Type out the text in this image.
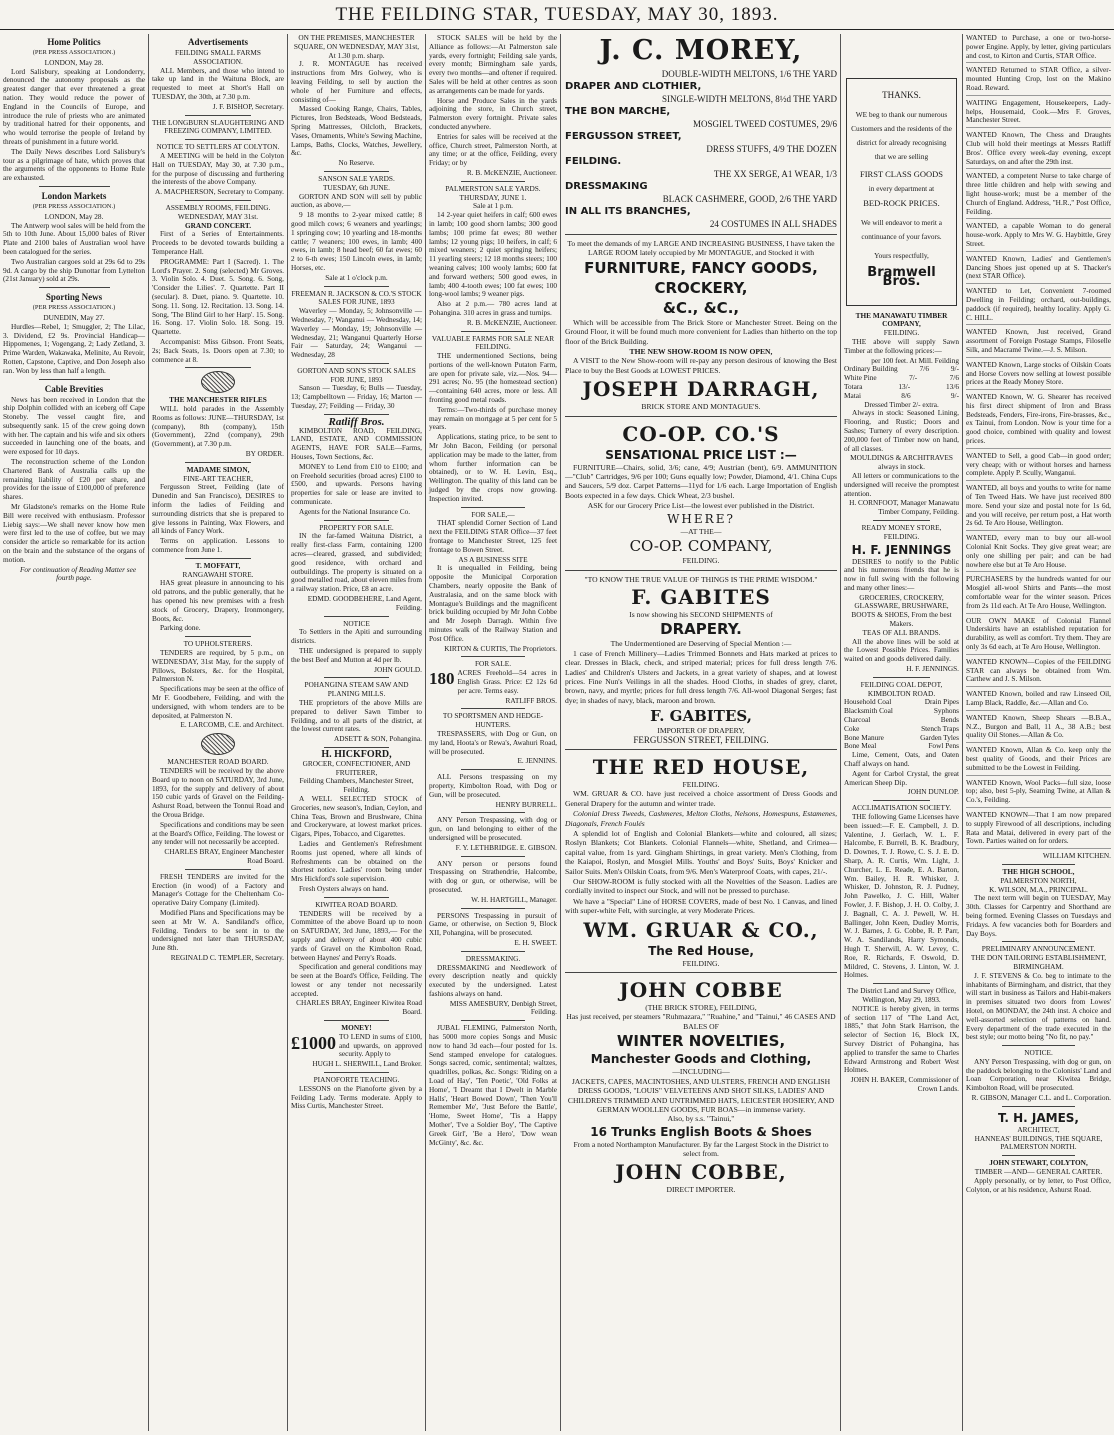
THE FEILDING STAR, TUESDAY, MAY 30, 1893.
Home Politics
(PER PRESS ASSOCIATION.)
LONDON, May 28.

Lord Salisbury, speaking at Londonderry, denounced the autonomy proposals as the greatest danger that ever threatened a great nation. They would reduce the power of England in the Councils of Europe, and introduce the rule of priests who are animated by traditional hatred for their opponents, and who would terrorise the people of Ireland by threats of punishment in a future world.

The Daily News describes Lord Salisbury's tour as a pilgrimage of hate, which proves that the arguments of the opponents to Home Rule are exhausted.

London Markets
(PER PRESS ASSOCIATION.)
LONDON, May 28.

The Antwerp wool sales will be held from the 5th to 10th June. About 15,000 bales of River Plate and 2100 bales of Australian wool have been catalogued for the series.

Two Australian cargoes sold at 29s 6d to 29s 9d. A cargo by the ship Dunottar from Lyttelton (21st January) sold at 29s.

Sporting News
(PER PRESS ASSOCIATION.)
DUNEDIN, May 27.

Hurdles—Rebel, 1; Smuggler, 2; The Lilac, 3. Dividend, £2 9s. Provincial Handicap—Hippomenes, 1; Vogengang, 2; Lady Zetland, 3. Prime Warden, Wakawaka, Melinite, Au Revoir, Rotten, Capstone, Captive, and Don Joseph also ran. Won by less than half a length.

Cable Brevities

News has been received in London that the ship Dolphin collided with an iceberg off Cape Stoneby. The vessel caught fire, and subsequently sank. 15 of the crew going down with her. The captain and his wife and six others succeeded in launching one of the boats, and were exposed for 10 days.

The reconstruction scheme of the London Chartered Bank of Australia calls up the remaining liability of £20 per share, and provides for the issue of £100,000 of preference shares.

Mr Gladstone's remarks on the Home Rule Bill were received with enthusiasm. Professor Liebig says:—We shall never know how men were first led to the use of coffee, but we may consider the article so remarkable for its action on the brain and the substance of the organs of motion.

For continuation of Reading Matter see fourth page.

Advertisements
FEILDING SMALL FARMS ASSOCIATION.

ALL Members, and those who intend to take up land in the Waituna Block, are requested to meet at Short's Hall on TUESDAY, the 30th, at 7.30 p.m.

J. F. BISHOP, Secretary.
THE LONGBURN SLAUGHTERING AND FREEZING COMPANY, LIMITED.
NOTICE TO SETTLERS AT COLYTON.

A MEETING will be held in the Colyton Hall on TUESDAY, May 30, at 7.30 p.m., for the purpose of discussing and furthering the interests of the above Company.

A. MACPHERSON, Secretary to Company.
ASSEMBLY ROOMS, FEILDING. WEDNESDAY, MAY 31st.
GRAND CONCERT.

First of a Series of Entertainments. Proceeds to be devoted towards building a Temperance Hall.

PROGRAMME: Part I (Sacred). 1. The Lord's Prayer. 2. Song (selected) Mr Groves. 3. Violin Solo. 4. Duet. 5. Song. 6. Song, 'Consider the Lilies'. 7. Quartette. Part II (secular). 8. Duet, piano. 9. Quartette. 10. Song. 11. Song. 12. Recitation. 13. Song. 14. Song, 'The Blind Girl to her Harp'. 15. Song. 16. Song. 17. Violin Solo. 18. Song. 19. Quartette.

Accompanist: Miss Gibson. Front Seats, 2s; Back Seats, 1s. Doors open at 7.30; to commence at 8.

THE MANCHESTER RIFLES

WILL hold parades in the Assembly Rooms as follows: JUNE—THURSDAY, 1st (company), 8th (company), 15th (Government), 22nd (company), 29th (Government), at 7.30 p.m.

BY ORDER.
MADAME SIMON,
FINE-ART TEACHER,

Fergusson Street, Feilding (late of Dunedin and San Francisco), DESIRES to inform the ladies of Feilding and surrounding districts that she is prepared to give lessons in Painting, Wax Flowers, and all kinds of Fancy Work.

Terms on application. Lessons to commence from June 1.

T. MOFFATT,
RANGAWAHI STORE.

HAS great pleasure in announcing to his old patrons, and the public generally, that he has opened his new premises with a fresh stock of Grocery, Drapery, Ironmongery, Boots, &c.

Parking done.

TO UPHOLSTERERS.

TENDERS are required, by 5 p.m., on WEDNESDAY, 31st May, for the supply of Pillows, Bolsters, &c. for the Hospital, Palmerston N.

Specifications may be seen at the office of Mr F. Goodbehere, Feilding, and with the undersigned, with whom tenders are to be deposited, at Palmerston N.

E. LARCOMB, C.E. and Architect.
MANCHESTER ROAD BOARD.

TENDERS will be received by the above Board up to noon on SATURDAY, 3rd June, 1893, for the supply and delivery of about 150 cubic yards of Gravel on the Feilding-Ashurst Road, between the Tonnui Road and the Oroua Bridge.

Specifications and conditions may be seen at the Board's Office, Feilding. The lowest or any tender will not necessarily be accepted.

CHARLES BRAY, Engineer Manchester Road Board.

FRESH TENDERS are invited for the Erection (in wood) of a Factory and Manager's Cottage for the Cheltenham Co-operative Dairy Company (Limited).

Modified Plans and Specifications may be seen at Mr W. A. Sandiland's office, Feilding. Tenders to be sent in to the undersigned not later than THURSDAY, June 8th.

REGINALD C. TEMPLER, Secretary.
ON THE PREMISES, MANCHESTER SQUARE, ON WEDNESDAY, MAY 31st, At 1.30 p.m. sharp.

J. R. MONTAGUE has received instructions from Mrs Golwey, who is leaving Feilding, to sell by auction the whole of her Furniture and effects, consisting of—

Massed Cooking Range, Chairs, Tables, Pictures, Iron Bedsteads, Wood Bedsteads, Spring Mattresses, Oilcloth, Brackets, Vases, Ornaments, White's Sewing Machine, Lamps, Baths, Clocks, Watches, Jewellery, &c.

No Reserve.
SANSON SALE YARDS.
TUESDAY, 6th JUNE.

GORTON AND SON will sell by public auction, as above,—

9 18 months to 2-year mixed cattle; 8 good milch cows; 6 weaners and yearlings; 1 springing cow; 10 yearling and 18-months cattle; 7 weaners; 100 ewes, in lamb; 400 ewes, in lamb; 8 head beef; 60 fat ewes; 60 2 to 6-th ewes; 150 Lincoln ewes, in lamb; Horses, etc.

Sale at 1 o'clock p.m.
FREEMAN R. JACKSON & CO.'S STOCK SALES FOR JUNE, 1893

Waverley — Monday, 5; Johnsonville — Wednesday, 7; Wanganui — Wednesday, 14; Waverley — Monday, 19; Johnsonville — Wednesday, 21; Wanganui Quarterly Horse Fair — Saturday, 24; Wanganui — Wednesday, 28

GORTON AND SON'S STOCK SALES FOR JUNE, 1893

Sanson — Tuesday, 6; Bulls — Tuesday, 13; Campbelltown — Friday, 16; Marton — Tuesday, 27; Feilding — Friday, 30

Ratliff Bros.

KIMBOLTON ROAD, FEILDING, LAND, ESTATE, AND COMMISSION AGENTS, HAVE FOR SALE—Farms, Houses, Town Sections, &c.

MONEY to Lend from £10 to £100; and on Freehold securities (broad acres) £100 to £500, and upwards. Persons having properties for sale or lease are invited to communicate.

Agents for the National Insurance Co.

PROPERTY FOR SALE.

IN the far-famed Waituna District, a really first-class Farm, containing 1200 acres—cleared, grassed, and subdivided; good residence, with orchard and outbuildings. The property is situated on a good metalled road, about eleven miles from a railway station. Price, £8 an acre.

EDMD. GOODBEHERE, Land Agent, Feilding.
NOTICE

To Settlers in the Apiti and surrounding districts.

THE undersigned is prepared to supply the best Beef and Mutton at 4d per lb.

JOHN GOULD.
POHANGINA STEAM SAW AND PLANING MILLS.

THE proprietors of the above Mills are prepared to deliver Sawn Timber to Feilding, and to all parts of the district, at the lowest current rates.

ADSETT & SON, Pohangina.
H. HICKFORD,
GROCER, CONFECTIONER, AND FRUITERER,
Feilding Chambers, Manchester Street, Feilding.

A WELL SELECTED STOCK of Groceries, new season's, Indian, Ceylon, and China Teas, Brown and Brushware, China and Crockeryware, at lowest market prices. Cigars, Pipes, Tobacco, and Cigarettes.

Ladies and Gentlemen's Refreshment Rooms just opened, where all kinds of Refreshments can be obtained on the shortest notice. Ladies' room being under Mrs Hickford's sole supervision.

Fresh Oysters always on hand.

KIWITEA ROAD BOARD.

TENDERS will be received by a Committee of the above Board up to noon on SATURDAY, 3rd June, 1893,— For the supply and delivery of about 400 cubic yards of Gravel on the Kimbolton Road, between Haynes' and Perry's Roads.

Specification and general conditions may be seen at the Board's Office, Feilding. The lowest or any tender not necessarily accepted.

CHARLES BRAY, Engineer Kiwitea Road Board.
MONEY!
£1000 TO LEND in sums of £100, and upwards, on approved security. Apply to

HUGH L. SHERWILL, Land Broker.
PIANOFORTE TEACHING.

LESSONS on the Pianoforte given by a Feilding Lady. Terms moderate. Apply to Miss Curtis, Manchester Street.

STOCK SALES will be held by the Alliance as follows:—At Palmerston sale yards, every fortnight; Feilding sale yards, every month; Birmingham sale yards, every two months—and oftener if required. Sales will be held at other centres as soon as arrangements can be made for yards.

Horse and Produce Sales in the yards adjoining the store, in Church street, Palmerston every fortnight. Private sales conducted anywhere.

Entries for sales will be received at the office, Church street, Palmerston North, at any time; or at the office, Feilding, every Friday; or by

R. B. McKENZIE, Auctioneer.
PALMERSTON SALE YARDS.
THURSDAY, JUNE 1.
Sale at 1 p.m.

14 2-year quiet heifers in calf; 600 ewes in lamb; 100 good shorn lambs; 300 good lambs; 100 prime fat ewes; 80 wether lambs; 12 young pigs; 10 heifers, in calf; 6 mixed weaners; 2 quiet springing heifers; 11 yearling steers; 12 18 months steers; 100 weaning calves; 100 wooly lambs; 600 fat and forward wethers; 500 good ewes, in lamb; 400 4-tooth ewes; 100 fat ewes; 100 long-wool lambs; 9 weaner pigs.

Also at 2 p.m.— 780 acres land at Pohangina. 310 acres in grass and turnips.

R. B. McKENZIE, Auctioneer.
VALUABLE FARMS FOR SALE NEAR FEILDING.

THE undermentioned Sections, being portions of the well-known Putaton Farm, are open for private sale, viz.—Nos. 94—291 acres; No. 95 (the homestead section)—containing 640 acres, more or less. All fronting good metal roads.

Terms:—Two-thirds of purchase money may remain on mortgage at 5 per cent for 5 years.

Applications, stating price, to be sent to Mr John Bacon, Feilding (or personal application may be made to the latter, from whom further information can be obtained), or to W. H. Levin, Esq., Wellington. The quality of this land can be judged by the crops now growing. Inspection invited.

FOR SALE,—

THAT splendid Corner Section of Land next the FEILDING STAR Office—37 feet frontage to Manchester Street, 125 feet frontage to Bowen Street.

AS A BUSINESS SITE

It is unequalled in Feilding, being opposite the Municipal Corporation Chambers, nearly opposite the Bank of Australasia, and on the same block with Montague's Buildings and the magnificent brick building occupied by Mr John Cobbe and Mr Joseph Darragh. Within five minutes walk of the Railway Station and Post Office.

KIRTON & CURTIS, The Proprietors.
FOR SALE.
180 ACRES Freehold—54 acres in English Grass. Price: £2 12s 6d per acre. Terms easy.

RATLIFF BROS.
TO SPORTSMEN AND HEDGE-HUNTERS.

TRESPASSERS, with Dog or Gun, on my land, Hoota's or Rewa's, Awahuri Road, will be prosecuted.

E. JENNINS.

ALL Persons trespassing on my property, Kimbolton Road, with Dog or Gun, will be prosecuted.

HENRY BURRELL.

ANY Person Trespassing, with dog or gun, on land belonging to either of the undersigned will be prosecuted.

F. Y. LETHBRIDGE. E. GIBSON.

ANY person or persons found Trespassing on Strathendrie, Halcombe, with dog or gun, or otherwise, will be prosecuted.

W. H. HARTGILL, Manager.

PERSONS Trespassing in pursuit of Game, or otherwise, on Section 9, Block XII, Pohangina, will be prosecuted.

E. H. SWEET.
DRESSMAKING.

DRESSMAKING and Needlework of every description neatly and quickly executed by the undersigned. Latest fashions always on hand.

MISS AMESBURY, Denbigh Street, Feilding.

JUBAL FLEMING, Palmerston North, has 5000 more copies Songs and Music now to hand 3d each—four posted for 1s. Send stamped envelope for catalogues. Songs sacred, comic, sentimental; waltzes, quadrilles, polkas, &c. Songs: 'Riding on a Load of Hay', 'Ten Poetic', 'Old Folks at Home', 'I Dreamt that I Dwelt in Marble Halls', 'Heart Bowed Down', 'Then You'll Remember Me', 'Just Before the Battle', 'Home, Sweet Home', 'Tis a Happy Mother', 'I've a Soldier Boy', 'The Captive Greek Girl', 'Be a Hero', 'Dow wean McGinty', &c. &c.

J. C. MOREY,
DOUBLE-WIDTH MELTONS, 1/6 THE YARD
DRAPER AND CLOTHIER,
SINGLE-WIDTH MELTONS, 8½d THE YARD
THE BON MARCHE,
MOSGIEL TWEED COSTUMES, 29/6
FERGUSSON STREET,
DRESS STUFFS, 4/9 THE DOZEN
FEILDING.
THE XX SERGE, A1 WEAR, 1/3
DRESSMAKING
BLACK CASHMERE, GOOD, 2/6 THE YARD
IN ALL ITS BRANCHES,
24 COSTUMES IN ALL SHADES
To meet the demands of my LARGE AND INCREASING BUSINESS, I have taken the LARGE ROOM lately occupied by Mr MONTAGUE, and Stocked it with
FURNITURE, FANCY GOODS,
CROCKERY,
&C., &C.,

Which will be accessible from The Brick Store or Manchester Street. Being on the Ground Floor, it will be found much more convenient for Ladies than hitherto on the top floor of the Brick Building.

THE NEW SHOW-ROOM IS NOW OPEN,

A VISIT to the New Show-room will re-pay any person desirous of knowing the Best Place to buy the Best Goods at LOWEST PRICES.

JOSEPH DARRAGH,
BRICK STORE AND MONTAGUE'S.
CO-OP. CO.'S
SENSATIONAL PRICE LIST :—

FURNITURE—Chairs, solid, 3/6; cane, 4/9; Austrian (bent), 6/9. AMMUNITION—"Club" Cartridges, 9/6 per 100; Guns equally low; Powder, Diamond, 4/1. China Cups and Saucers, 5/9 doz. Carpet Patterns—11yd for 1/6 each. Large Importation of English Boots expected in a few days. Chick Wheat, 2/3 bushel.

ASK for our Grocery Price List—the lowest ever published in the District.
WHERE?
—AT THE—
CO-OP. COMPANY,
FEILDING.
"TO KNOW THE TRUE VALUE OF THINGS IS THE PRIME WISDOM."
F. GABITES
Is now showing his SECOND SHIPMENTS of
DRAPERY.
The Undermentioned are Deserving of Special Mention :—

1 case of French Millinery—Ladies Trimmed Bonnets and Hats marked at prices to clear. Dresses in Black, check, and striped material; prices for full dress length 7/6. Ladies' and Children's Ulsters and Jackets, in a great variety of shapes, and at lowest prices. Fine Nun's Veilings in all the shades. Hood Cloths, in shades of grey, claret, brown, navy, and myrtle; prices for full dress length 7/6. All-wool Diagonal Serges; fast dye; in shades of navy, black, maroon and brown.

F. GABITES,
IMPORTER OF DRAPERY,
FERGUSSON STREET, FEILDING.
THE RED HOUSE,
FEILDING.

WM. GRUAR & CO. have just received a choice assortment of Dress Goods and General Drapery for the autumn and winter trade.

Colonial Dress Tweeds, Cashmeres, Melton Cloths, Nelsons, Homespuns, Estamenes, Diagonals, French Foulés

A splendid lot of English and Colonial Blankets—white and coloured, all sizes; Roslyn Blankets; Cot Blankets. Colonial Flannels—white, Shetland, and Crimea—capital value, from 1s yard. Gingham Shirtings, in great variety. Men's Clothing, from the Kaiapoi, Roslyn, and Mosgiel Mills. Youths' and Boys' Suits, Boys' Knicker and Sailor Suits. Men's Oilskin Coats, from 9/6. Men's Waterproof Coats, with capes, 21/-.

Our SHOW-ROOM is fully stocked with all the Novelties of the Season. Ladies are cordially invited to inspect our Stock, and will not be pressed to purchase.

We have a "Special" Line of HORSE COVERS, made of best No. 1 Canvas, and lined with super-white Felt, with surcingle, at very Moderate Prices.

WM. GRUAR & CO.,
The Red House,
FEILDING.
JOHN COBBE
(THE BRICK STORE), FEILDING,
Has just received, per steamers "Ruhmazara," "Ruahine," and "Tainui," 46 CASES AND BALES OF
WINTER NOVELTIES,
Manchester Goods and Clothing,
—INCLUDING—
JACKETS, CAPES, MACINTOSHES, AND ULSTERS, FRENCH AND ENGLISH DRESS GOODS, "LOUIS" VELVETEENS AND SHOT SILKS, LADIES' AND CHILDREN'S TRIMMED AND UNTRIMMED HATS, LEICESTER HOSIERY, AND GERMAN WOOLLEN GOODS, FUR BOAS—in immense variety.
Also, by s.s. "Tainui,"
16 Trunks English Boots & Shoes
From a noted Northampton Manufacturer. By far the Largest Stock in the District to select from.
JOHN COBBE,
DIRECT IMPORTER.
THANKS.

WE beg to thank our numerous Customers and the residents of the district for already recognising that we are selling

FIRST CLASS GOODS
in every department at
BED-ROCK PRICES.

We will endeavor to merit a continuance of your favors.

Yours respectfully,
Bramwell Bros.
THE MANAWATU TIMBER COMPANY,
FEILDING.

THE above will supply Sawn Timber at the following prices:—

per 100 feet. At Mill. Feilding
Ordinary Building	7/6	9/-
White Pine	7/-	7/6
Totara	13/-	13/6
Matai	8/6	9/-
Dressed Timber 2/- extra.

Always in stock: Seasoned Lining, Flooring, and Rustic; Doors and Sashes; Turnery of every description. 200,000 feet of Timber now on hand, of all classes.

MOULDINGS & ARCHITRAVES always in stock.

All letters or communications to the undersigned will receive the promptest attention.

H. CORNFOOT, Manager Manawatu Timber Company, Feilding.
READY MONEY STORE, FEILDING.
H. F. JENNINGS

DESIRES to notify to the Public and his numerous friends that he is now in full swing with the following and many other lines:—

GROCERIES, CROCKERY, GLASSWARE, BRUSHWARE, BOOTS & SHOES, From the best Makers.
TEAS OF ALL BRANDS.

All the above lines will be sold at the Lowest Possible Prices. Families waited on and goods delivered daily.

H. F. JENNINGS.
FEILDING COAL DEPOT,
KIMBOLTON ROAD.
Household Coal	Drain Pipes
Blacksmith Coal	Syphons
Charcoal	Bends
Coke	Stench Traps
Bone Manure	Garden Tyles
Bone Meal	Fowl Pens

Lime, Cement, Oats, and Oaten Chaff always on hand.

Agent for Carbol Crystal, the great American Sheep Dip.

JOHN DUNLOP.
ACCLIMATISATION SOCIETY.

THE following Game Licenses have been issued:—F. E. Campbell, J. D. Valentine, J. Gerlach, W. L. F. Halcombe, F. Burrell, B. K. Bradbury, D. Downes, T. J. Rowe, C. S. J. E. D. Sharp, A. R. Curtis, Wm. Light, J. Churcher, L. E. Reade, E. A. Barton, Wm. Bailey, H. R. Whisker, J. Whisker, D. Johnston, R. J. Pudney, John Pawelko, J. C. Hill, Walter Fowler, J. F. Bishop, J. H. O. Colby, J. J. Bagnall, C. A. J. Pewell, W. H. Ballinger, John Keen, Dudley Morris, W. J. Barnes, J. G. Cobbe, R. P. Parr, W. A. Sandilands, Harry Symonds, Hugh T. Sherwill, A. W. Levey, C. Roe, R. Richards, F. Oswold, D. Mildred, C. Stevens, J. Linton, W. J. Holmes.

The District Land and Survey Office, Wellington, May 29, 1893.

NOTICE is hereby given, in terms of section 117 of "The Land Act, 1885," that John Stark Harrison, the selector of Section 16, Block IX, Survey District of Pohangina, has applied to transfer the same to Charles Edward Armstrong and Robert West Holmes.

JOHN H. BAKER, Commissioner of Crown Lands.

WANTED to Purchase, a one or two-horse-power Engine. Apply, by letter, giving particulars and cost, to Kirton and Curtis, STAR Office.

WANTED Returned to STAR Office, a silver-mounted Hunting Crop, lost on the Makino Road. Reward.

WAITING Engagement, Housekeepers, Lady-helps, Housemaid, Cook.—Mrs F. Groves, Manchester Street.

WANTED Known, The Chess and Draughts Club will hold their meetings at Messrs Ratliff Bros'. Office every week-day evening, except Saturdays, on and after the 29th inst.

WANTED, a competent Nurse to take charge of three little children and help with sewing and light house-work; must be a member of the Church of England. Address, "H.R.," Post Office, Feilding.

WANTED, a capable Woman to do general house-work. Apply to Mrs W. G. Haybittle, Grey Street.

WANTED Known, Ladies' and Gentlemen's Dancing Shoes just opened up at S. Thacker's (next STAR Office).

WANTED to Let, Convenient 7-roomed Dwelling in Feilding; orchard, out-buildings, paddock (if required), healthy locality. Apply G. C. HILL.

WANTED Known, Just received, Grand assortment of Foreign Postage Stamps, Filoselle Silk, and Macramé Twine.—J. S. Milson.

WANTED Known, Large stocks of Oilskin Coats and Horse Covers now selling at lowest possible prices at the Ready Money Store.

WANTED Known, W. G. Shearer has received his first direct shipment of Iron and Brass Bedsteads, Fenders, Fire-irons, Fire-brasses, &c., ex Tainui, from London. Now is your time for a good choice, combined with quality and lowest prices.

WANTED to Sell, a good Cab—in good order; very cheap; with or without horses and harness complete. Apply P. Scully, Wanganui.

WANTED, all boys and youths to write for name of Ten Tweed Hats. We have just received 800 more. Send your size and postal note for 1s 6d, and you will receive, per return post, a Hat worth 2s 6d. Te Aro House, Wellington.

WANTED, every man to buy our all-wool Colonial Knit Socks. They give great wear; are only one shilling per pair; and can be had nowhere else but at Te Aro House.

PURCHASERS by the hundreds wanted for our Mosgiel all-wool Shirts and Pants—the most comfortable wear for the winter season. Prices from 2s 11d each. At Te Aro House, Wellington.

OUR OWN MAKE of Colonial Flannel Underskirts have an established reputation for durability, as well as comfort. Try them. They are only 3s 6d each, at Te Aro House, Wellington.

WANTED KNOWN—Copies of the FEILDING STAR can always be obtained from Wm. Carthew and J. S. Milson.

WANTED Known, boiled and raw Linseed Oil, Lamp Black, Raddle, &c.—Allan and Co.

WANTED Known, Sheep Shears —B.B.A., N.Z., Burgon and Ball, 11 A., 38 A.B.; best quality Oil Stones.—Allan & Co.

WANTED Known, Allan & Co. keep only the best quality of Goods, and their Prices are submitted to be the Lowest in Feilding.

WANTED Known, Wool Packs—full size, loose top; also, best 5-ply, Seaming Twine, at Allan & Co.'s, Feilding.

WANTED KNOWN—That I am now prepared to supply Firewood of all descriptions, including Rata and Matai, delivered in every part of the Town. Parties waited on for orders.

WILLIAM KITCHEN.
THE HIGH SCHOOL,
PALMERSTON NORTH,
K. WILSON, M.A., PRINCIPAL.

The next term will begin on TUESDAY, May 30th. Classes for Carpentry and Shorthand are being formed. Evening Classes on Tuesdays and Fridays. A few vacancies both for Boarders and Day Boys.

PRELIMINARY ANNOUNCEMENT.
THE DON TAILORING ESTABLISHMENT, BIRMINGHAM.

J. F. STEVENS & Co. beg to intimate to the inhabitants of Birmingham, and district, that they will start in business as Tailors and Habit-makers in premises situated two doors from Lowes' Hotel, on MONDAY, the 24th inst. A choice and well-assorted selection of patterns on hand. Every department of the trade executed in the best style; our motto being "No fit, no pay."

NOTICE.

ANY Person Trespassing, with dog or gun, on the paddock belonging to the Colonists' Land and Loan Corporation, near Kiwitea Bridge, Kimbolton Road, will be prosecuted.

R. GIBSON, Manager C.L. and L. Corporation.
T. H. JAMES,
ARCHITECT,
HANNEAS' BUILDINGS, THE SQUARE, PALMERSTON NORTH.
JOHN STEWART, COLYTON,
TIMBER —AND— GENERAL CARTER.

Apply personally, or by letter, to Post Office, Colyton, or at his residence, Ashurst Road.
